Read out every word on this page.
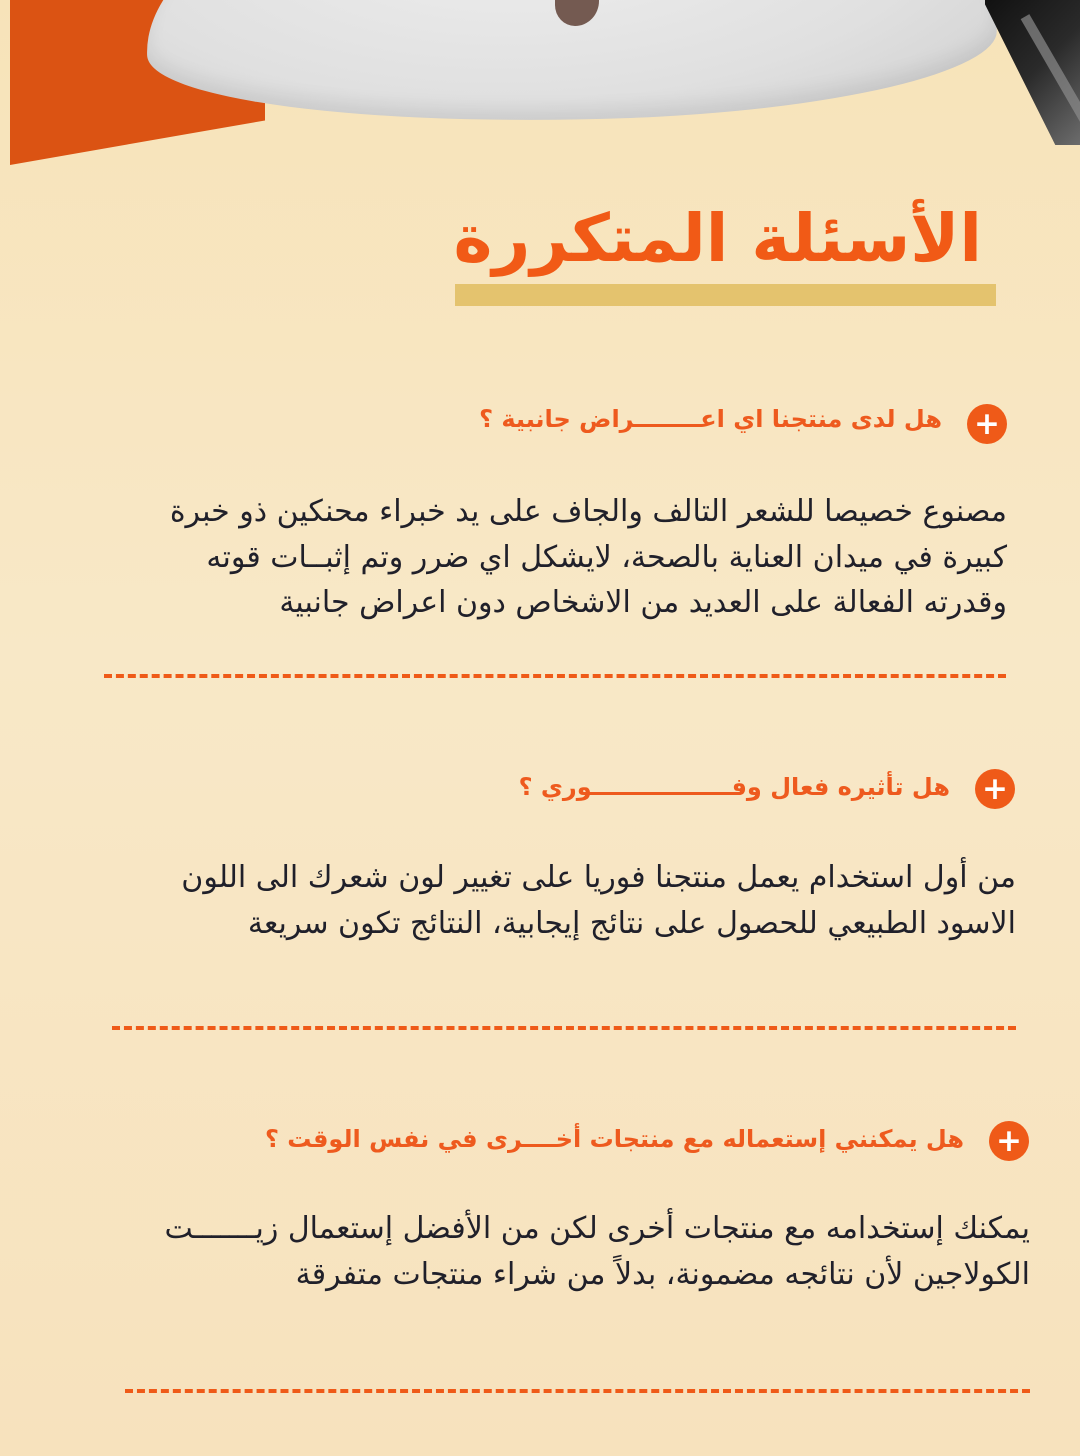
الأسئلة المتكررة
+
هل لدى منتجنا اي اعــــــــراض جانبية ؟

مصنوع خصيصا للشعر التالف والجاف على يد خبراء محنكين ذو خبرة
كبيرة في ميدان العناية بالصحة، لايشكل اي ضرر وتم إثبــات قوته
وقدرته الفعالة على العديد من الاشخاص دون اعراض جانبية

+
هل تأثيره فعال وفـــــــــــــــــوري ؟

من أول استخدام يعمل منتجنا فوريا على تغيير لون شعرك الى اللون
الاسود الطبيعي للحصول على نتائج إيجابية، النتائج تكون سريعة

+
هل يمكنني إستعماله مع منتجات أخــــرى في نفس الوقت ؟

يمكنك إستخدامه مع منتجات أخرى لكن من الأفضل إستعمال زيـــــــت
الكولاجين لأن نتائجه مضمونة، بدلاً من شراء منتجات متفرقة
